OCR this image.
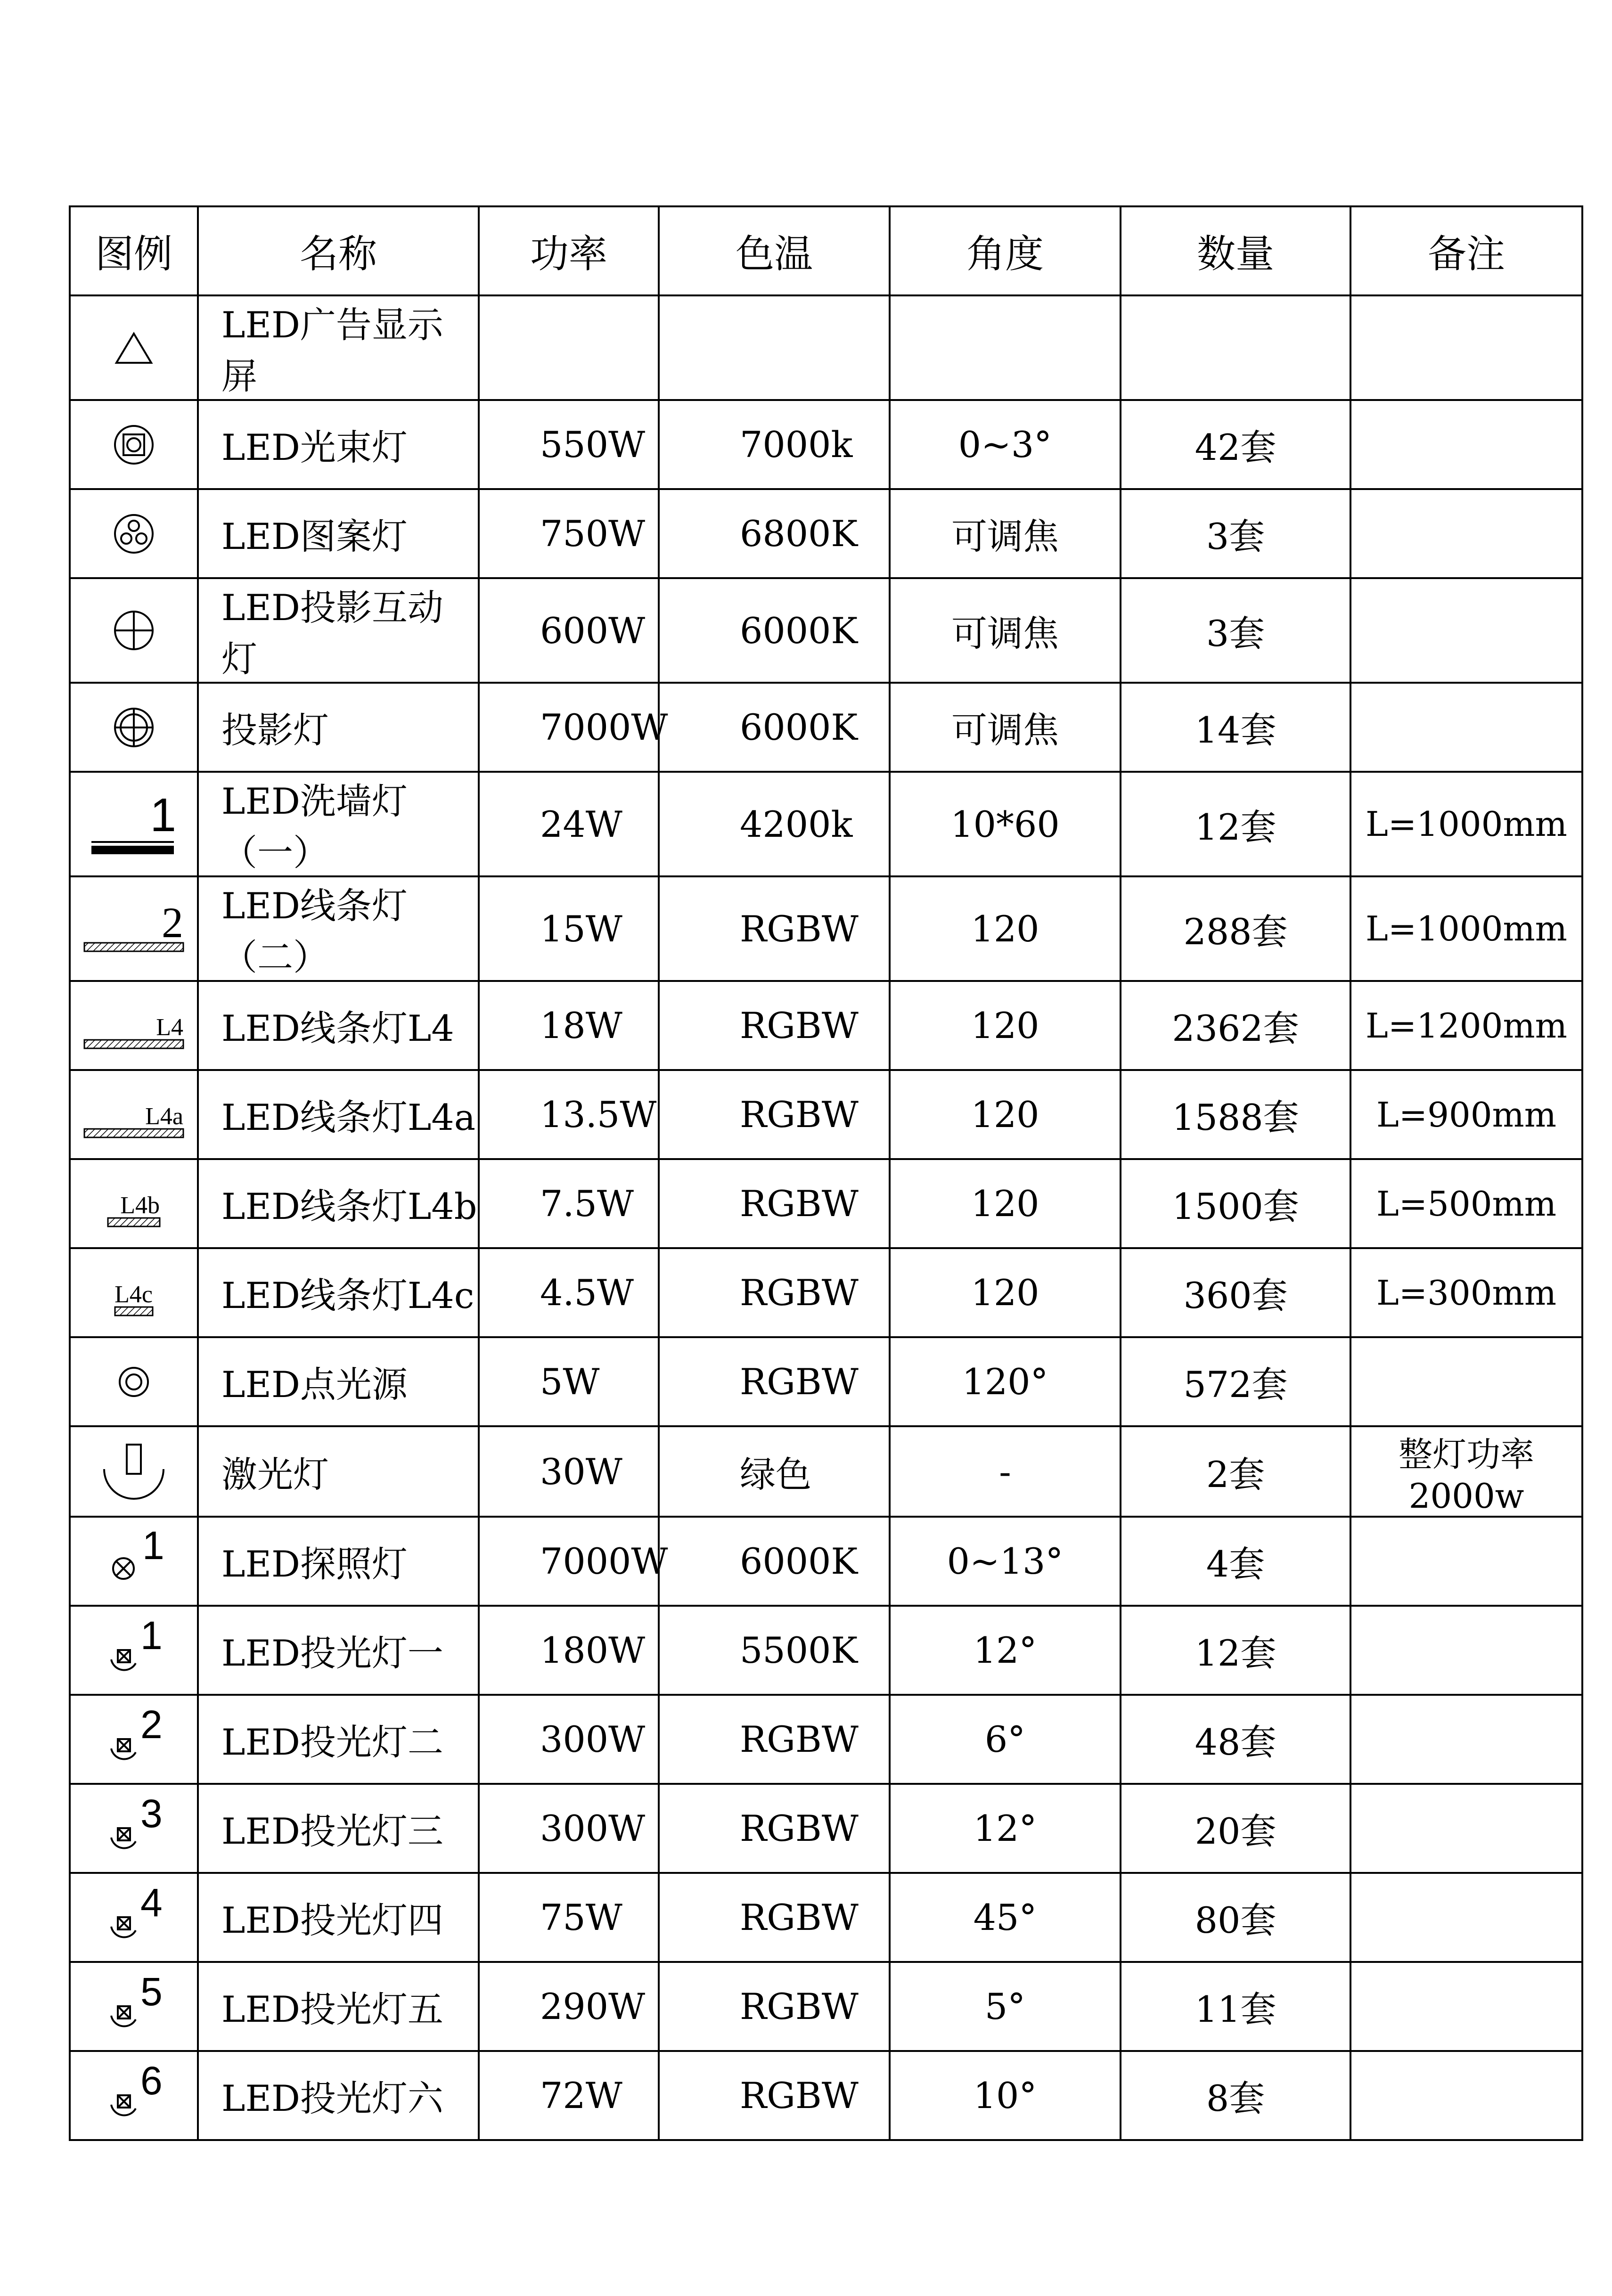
图例	名称	功率	色温	角度	数量	备注

	LED广告显示屏					

	LED光束灯	550W	7000k	0~3°	42套	

	LED图案灯	750W	6800K	可调焦	3套	

	LED投影互动灯	600W	6000K	可调焦	3套	

	投影灯	7000W	6000K	可调焦	14套	

1	LED洗墙灯（一）	24W	4200k	10*60	12套	L=1000mm

2	LED线条灯（二）	15W	RGBW	120	288套	L=1000mm

L4	LED线条灯L4	18W	RGBW	120	2362套	L=1200mm

L4a	LED线条灯L4a	13.5W	RGBW	120	1588套	L=900mm

L4b	LED线条灯L4b	7.5W	RGBW	120	1500套	L=500mm

L4c	LED线条灯L4c	4.5W	RGBW	120	360套	L=300mm

	LED点光源	5W	RGBW	120°	572套	

	激光灯	30W	绿色	-	2套	整灯功率2000w

1	LED探照灯	7000W	6000K	0~13°	4套	

1	LED投光灯一	180W	5500K	12°	12套	

2	LED投光灯二	300W	RGBW	6°	48套	

3	LED投光灯三	300W	RGBW	12°	20套	

4	LED投光灯四	75W	RGBW	45°	80套	

5	LED投光灯五	290W	RGBW	5°	11套	

6	LED投光灯六	72W	RGBW	10°	8套	
